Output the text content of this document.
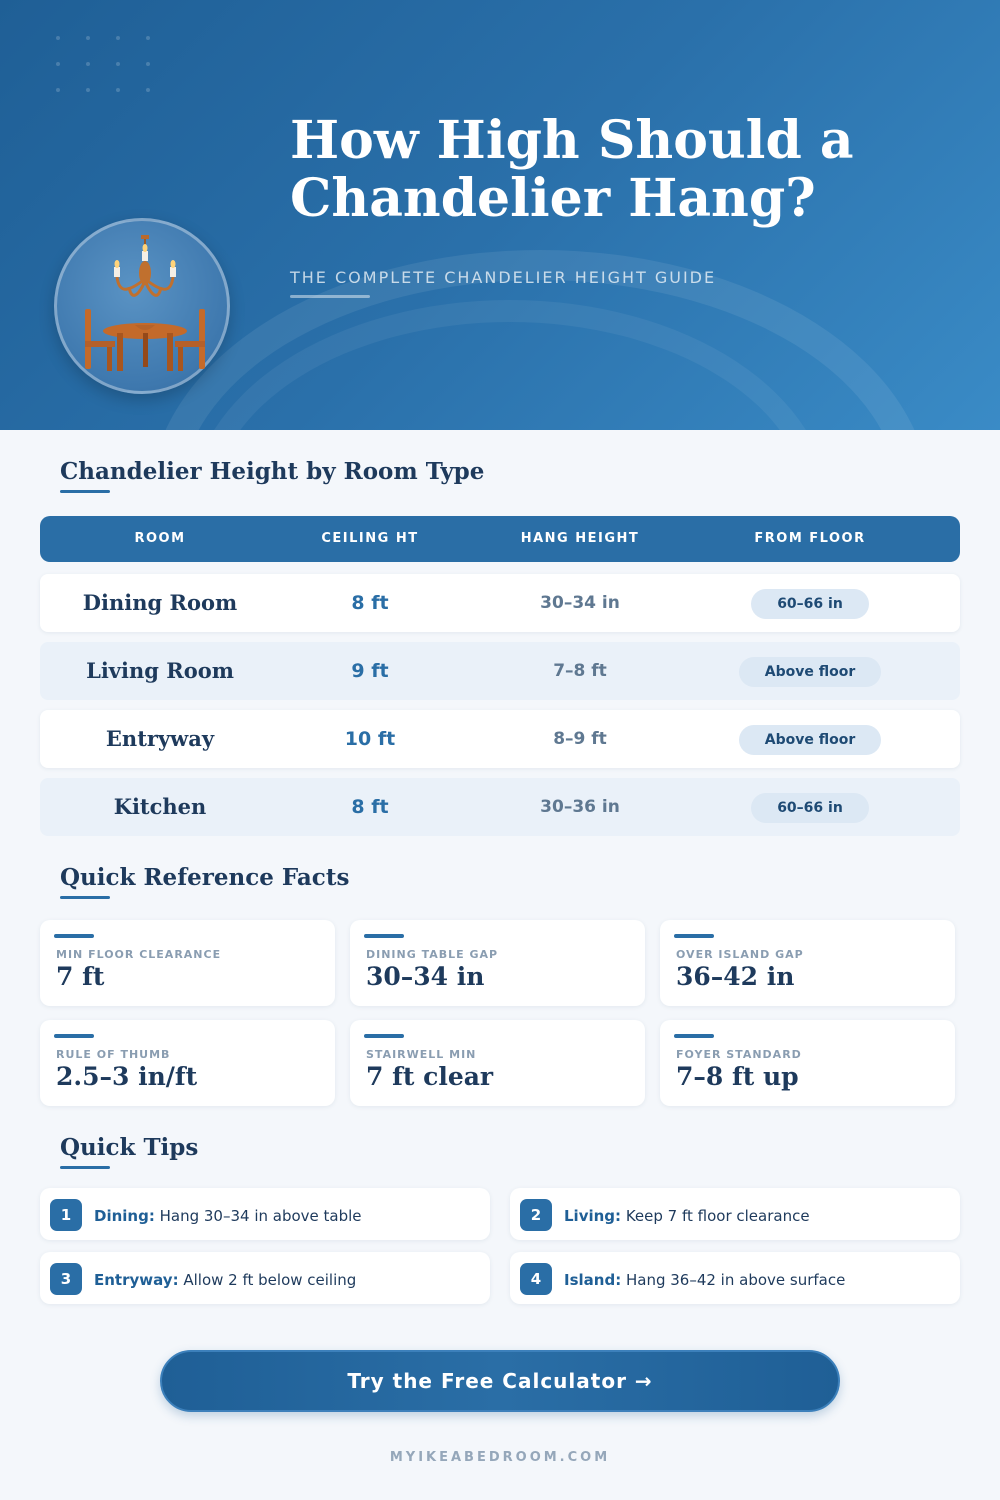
How High Should a Chandelier Hang?
THE COMPLETE CHANDELIER HEIGHT GUIDE
Chandelier Height by Room Type
ROOM	CEILING HT	HANG HEIGHT	FROM FLOOR
Dining Room	8 ft	30–34 in	60–66 in
Living Room	9 ft	7–8 ft	Above floor
Entryway	10 ft	8–9 ft	Above floor
Kitchen	8 ft	30–36 in	60–66 in
Quick Reference Facts
MIN FLOOR CLEARANCE
7 ft
DINING TABLE GAP
30–34 in
OVER ISLAND GAP
36–42 in
RULE OF THUMB
2.5–3 in/ft
STAIRWELL MIN
7 ft clear
FOYER STANDARD
7–8 ft up
Quick Tips
1	Dining: Hang 30–34 in above table	2	Living: Keep 7 ft floor clearance
3	Entryway: Allow 2 ft below ceiling	4	Island: Hang 36–42 in above surface
Try the Free Calculator →
MYIKEABEDROOM.COM
